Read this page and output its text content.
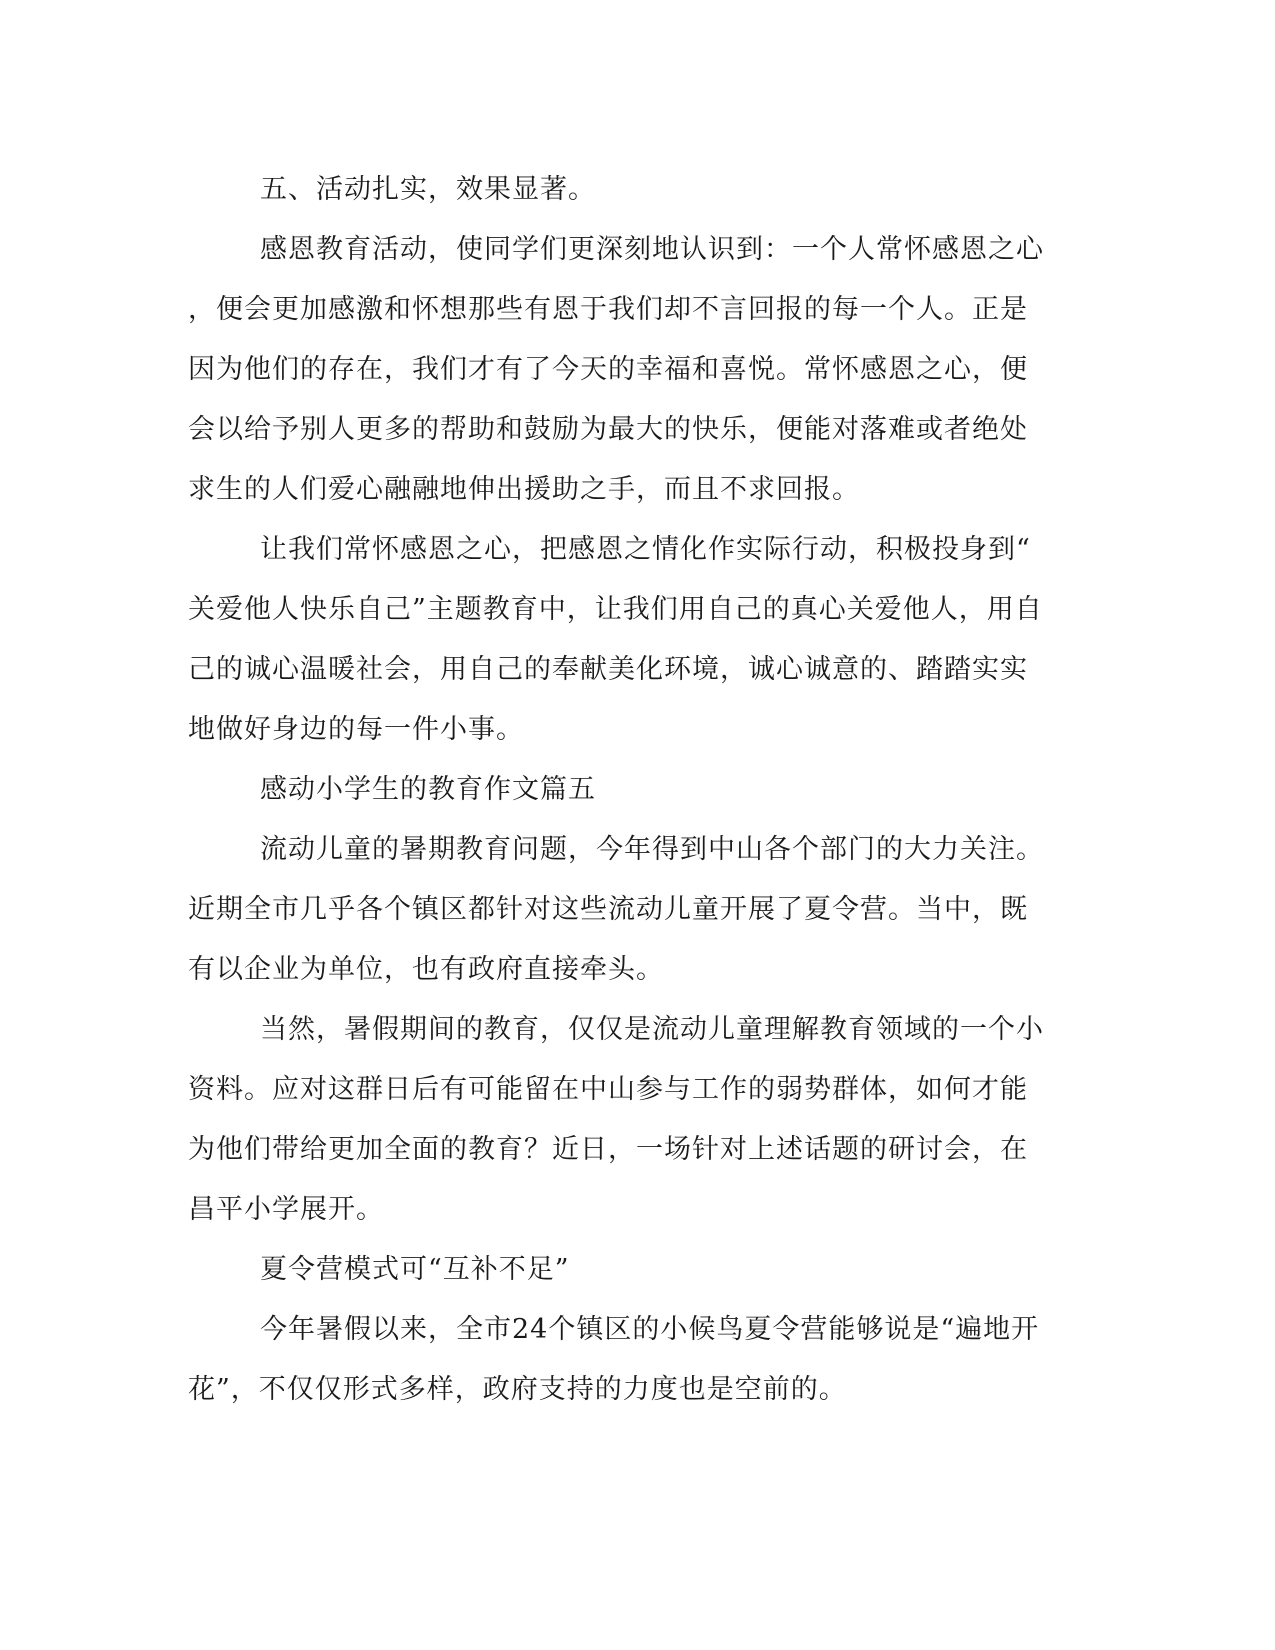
五、活动扎实，效果显著。
感恩教育活动，使同学们更深刻地认识到：一个人常怀感恩之心
，便会更加感激和怀想那些有恩于我们却不言回报的每一个人。正是
因为他们的存在，我们才有了今天的幸福和喜悦。常怀感恩之心，便
会以给予别人更多的帮助和鼓励为最大的快乐，便能对落难或者绝处
求生的人们爱心融融地伸出援助之手，而且不求回报。
让我们常怀感恩之心，把感恩之情化作实际行动，积极投身到“
关爱他人快乐自己”主题教育中，让我们用自己的真心关爱他人，用自
己的诚心温暖社会，用自己的奉献美化环境，诚心诚意的、踏踏实实
地做好身边的每一件小事。
感动小学生的教育作文篇五
流动儿童的暑期教育问题，今年得到中山各个部门的大力关注。
近期全市几乎各个镇区都针对这些流动儿童开展了夏令营。当中，既
有以企业为单位，也有政府直接牵头。
当然，暑假期间的教育，仅仅是流动儿童理解教育领域的一个小
资料。应对这群日后有可能留在中山参与工作的弱势群体，如何才能
为他们带给更加全面的教育？近日，一场针对上述话题的研讨会，在
昌平小学展开。
夏令营模式可“互补不足”
今年暑假以来，全市24个镇区的小候鸟夏令营能够说是“遍地开
花”，不仅仅形式多样，政府支持的力度也是空前的。
